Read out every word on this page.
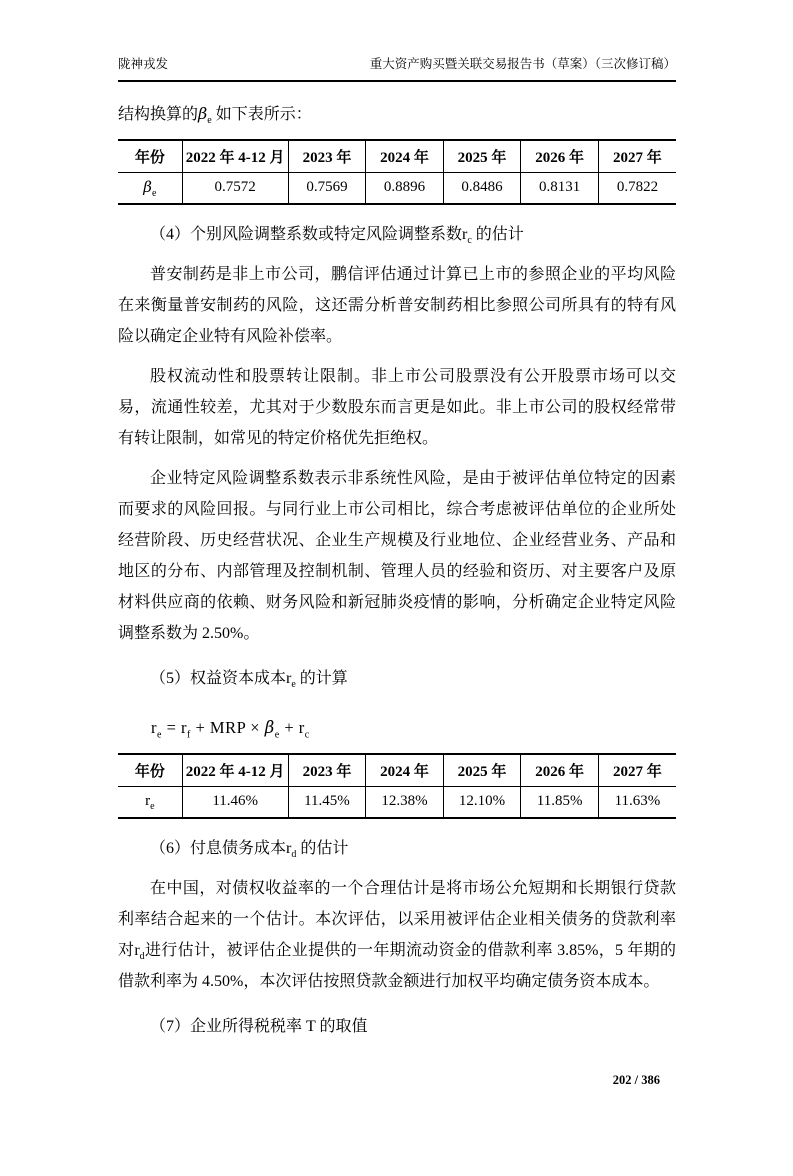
陇神戎发	重大资产购买暨关联交易报告书（草案）（三次修订稿）
结构换算的$\beta_e$ 如下表所示：
年份	2022 年 4-12 月	2023 年	2024 年	2025 年	2026 年	2027 年
$\beta_e$	0.7572	0.7569	0.8896	0.8486	0.8131	0.7822
（4）个别风险调整系数或特定风险调整系数$r_c$ 的估计

普安制药是非上市公司，鹏信评估通过计算已上市的参照企业的平均风险在来衡量普安制药的风险，这还需分析普安制药相比参照公司所具有的特有风险以确定企业特有风险补偿率。

股权流动性和股票转让限制。非上市公司股票没有公开股票市场可以交易，流通性较差，尤其对于少数股东而言更是如此。非上市公司的股权经常带有转让限制，如常见的特定价格优先拒绝权。

企业特定风险调整系数表示非系统性风险，是由于被评估单位特定的因素而要求的风险回报。与同行业上市公司相比，综合考虑被评估单位的企业所处经营阶段、历史经营状况、企业生产规模及行业地位、企业经营业务、产品和地区的分布、内部管理及控制机制、管理人员的经验和资历、对主要客户及原材料供应商的依赖、财务风险和新冠肺炎疫情的影响，分析确定企业特定风险调整系数为 2.50%。

（5）权益资本成本$r_e$ 的计算
$r_e = r_f$ + MRP × $\beta_e + r_c$
年份	2022 年 4-12 月	2023 年	2024 年	2025 年	2026 年	2027 年
$r_e$	11.46%	11.45%	12.38%	12.10%	11.85%	11.63%
（6）付息债务成本$r_d$ 的估计

在中国，对债权收益率的一个合理估计是将市场公允短期和长期银行贷款利率结合起来的一个估计。本次评估，以采用被评估企业相关债务的贷款利率对$r_d$进行估计，被评估企业提供的一年期流动资金的借款利率 3.85%，5 年期的借款利率为 4.50%，本次评估按照贷款金额进行加权平均确定债务资本成本。

（7）企业所得税税率 T 的取值
202 / 386
